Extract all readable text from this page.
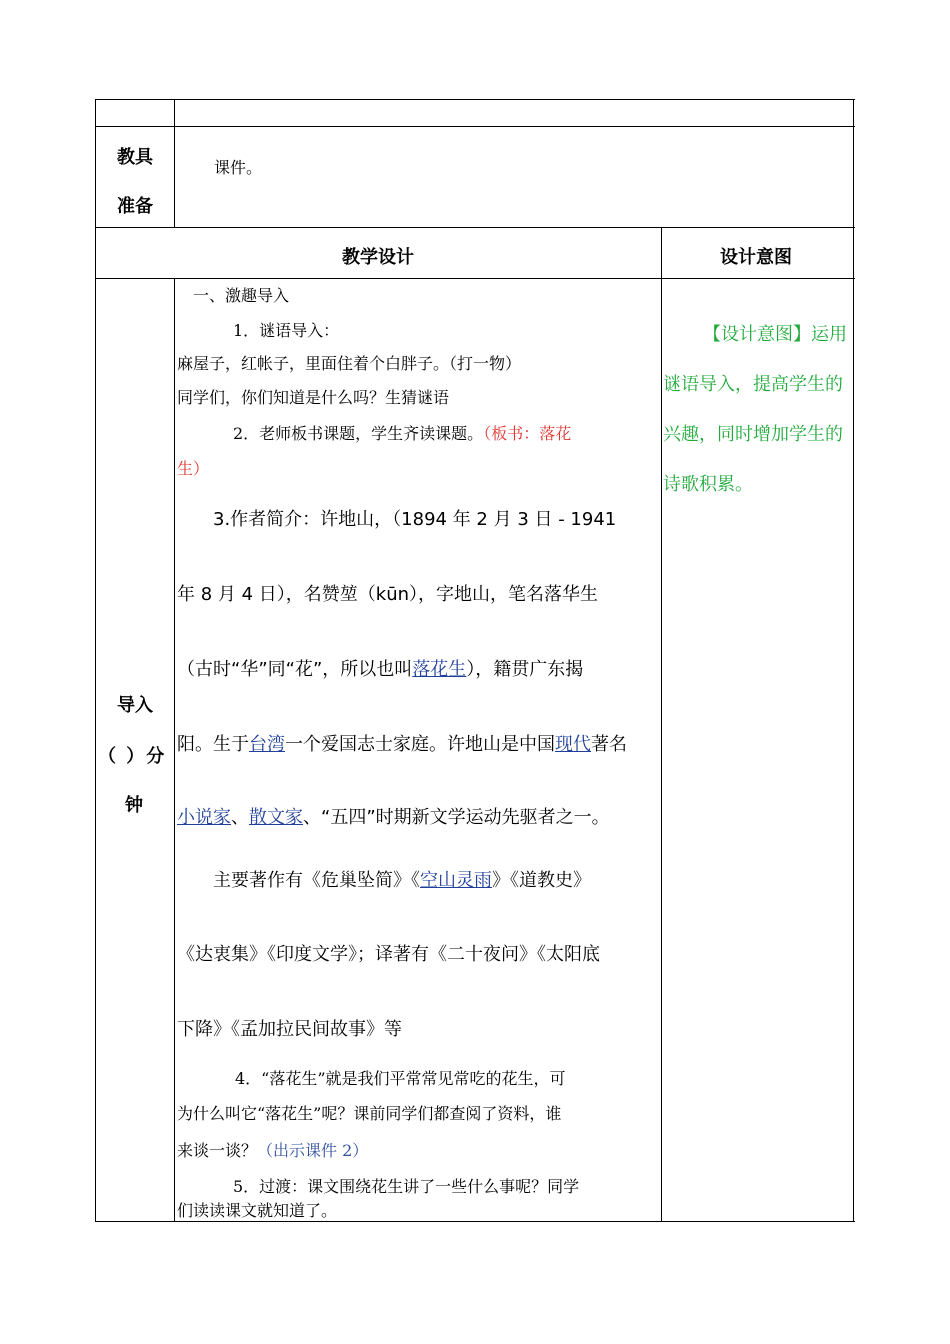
教具
准备
课件。
教学设计	设计意图
导入
（ ）分
钟
一、激趣导入
1．谜语导入：
麻屋子，红帐子，里面住着个白胖子。（打一物）
同学们，你们知道是什么吗？生猜谜语
2．老师板书课题，学生齐读课题。（板书：落花
生）
3.作者简介：许地山，（1894 年 2 月 3 日 - 1941
年 8 月 4 日），名赞堃（kūn），字地山，笔名落华生
（古时“华”同“花”，所以也叫落花生），籍贯广东揭
阳。生于台湾一个爱国志士家庭。许地山是中国现代著名
小说家、散文家、“五四”时期新文学运动先驱者之一。
主要著作有《危巢坠简》《空山灵雨》《道教史》
《达衷集》《印度文学》；译著有《二十夜问》《太阳底
下降》《孟加拉民间故事》等
4．“落花生”就是我们平常常见常吃的花生，可
为什么叫它“落花生”呢？课前同学们都查阅了资料，谁
来谈一谈？（出示课件 2）
5．过渡：课文围绕花生讲了一些什么事呢？同学
们读读课文就知道了。
【设计意图】运用
谜语导入，提高学生的
兴趣，同时增加学生的
诗歌积累。
